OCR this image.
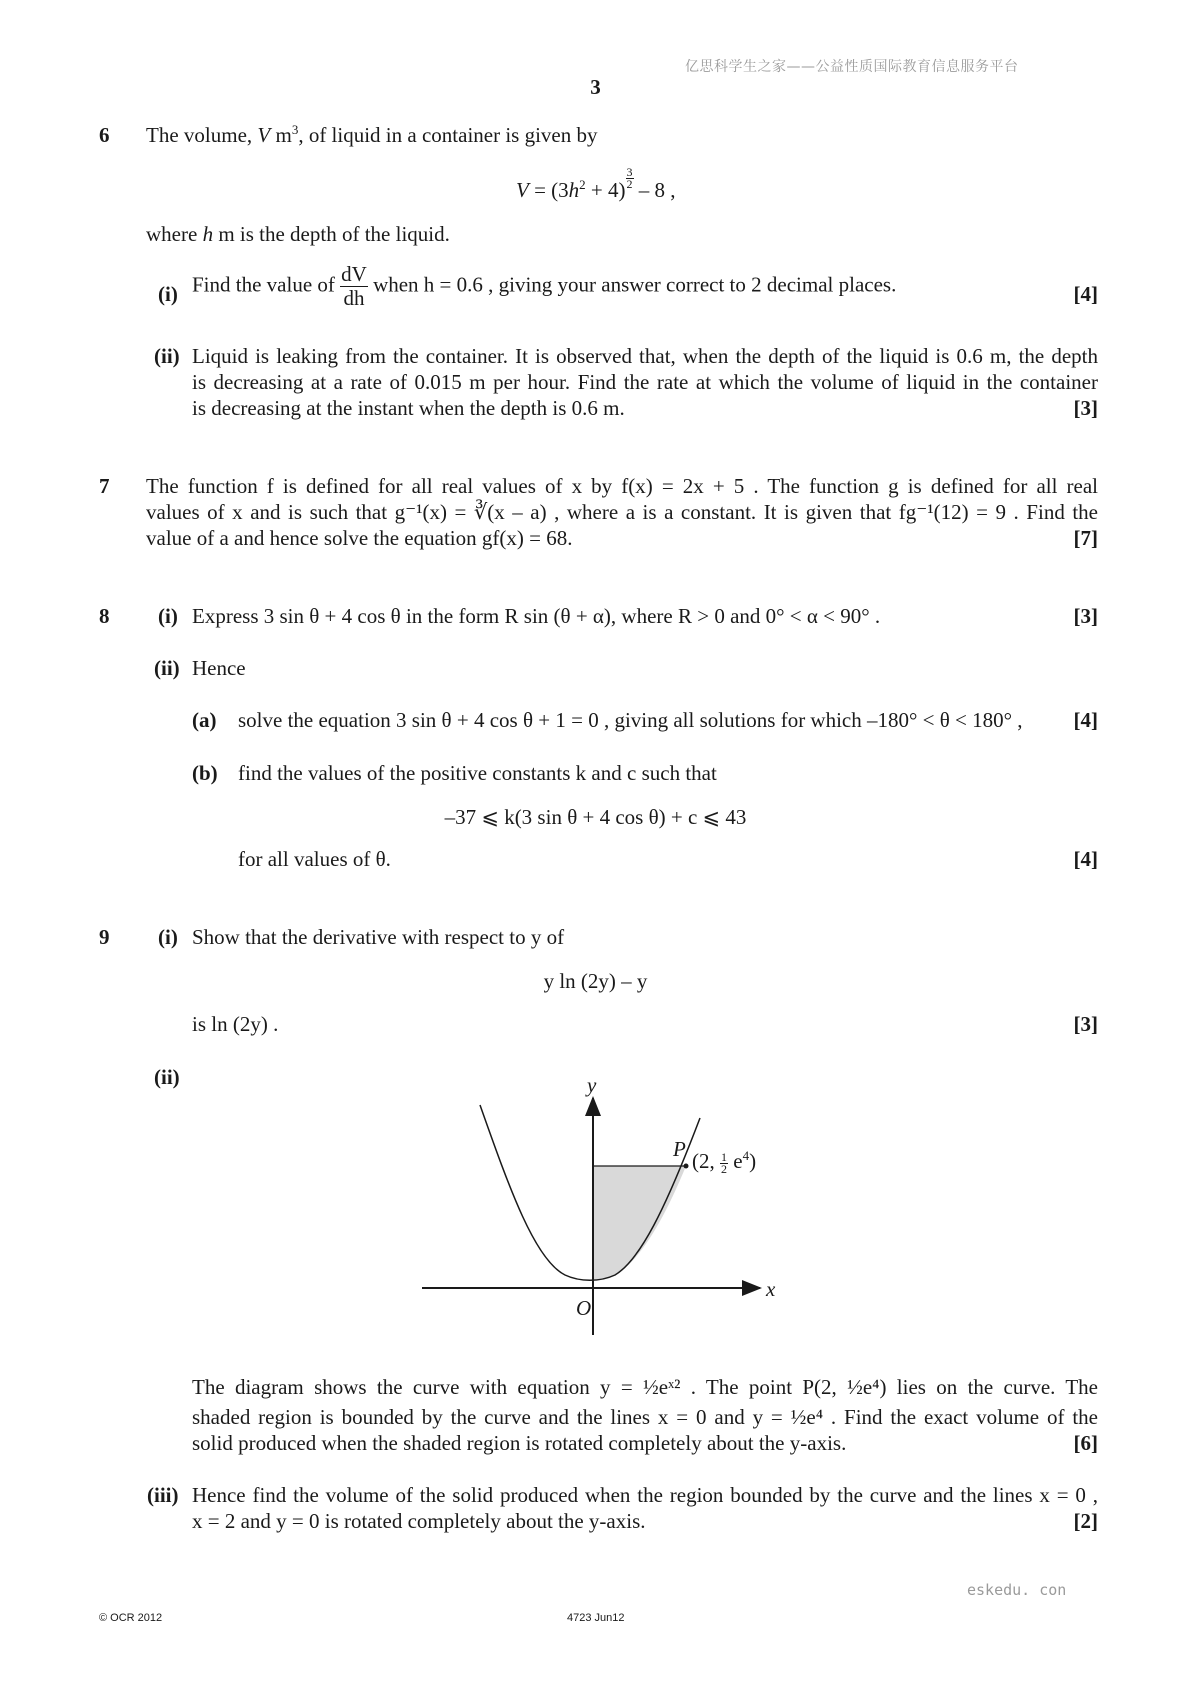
亿思科学生之家——公益性质国际教育信息服务平台
3
6 The volume, V $m^3$, of liquid in a container is given by
$V = (3h^2 + 4) \frac{3}{2} - 8$ ,
where h m is the depth of the liquid.
(i) Find the value of $\frac{dV}{dh}$ when h = 0.6 , giving your answer correct to 2 decimal places.	[4]
(ii) Liquid is leaking from the container. It is observed that, when the depth of the liquid is 0.6 m, the depth
is decreasing at a rate of 0.015 m per hour. Find the rate at which the volume of liquid in the container
is decreasing at the instant when the depth is 0.6 m.	[3]
7 The function f is defined for all real values of x by f(x) = 2x + 5 . The function g is defined for all real
values of x and is such that g⁻¹(x) = ∛(x – a) , where a is a constant. It is given that fg⁻¹(12) = 9 . Find the
value of a and hence solve the equation gf(x) = 68.	[7]
8 (i) Express 3 sin θ + 4 cos θ in the form R sin (θ + α), where R > 0 and 0° < α < 90° .	[3]
(ii) Hence
(a) solve the equation 3 sin θ + 4 cos θ + 1 = 0 , giving all solutions for which –180° < θ < 180° , [4]
(b) find the values of the positive constants k and c such that
–37 ⩽ k(3 sin θ + 4 cos θ) + c ⩽ 43
for all values of θ.	[4]
9 (i) Show that the derivative with respect to y of
y ln (2y) – y
is ln (2y) .	[3]
(ii)	y
x
O
P (2, $\frac{1}{2} e^4$)
The diagram shows the curve with equation y = ½eˣ² . The point P(2, ½e⁴) lies on the curve. The
shaded region is bounded by the curve and the lines x = 0 and y = ½e⁴ . Find the exact volume of the
solid produced when the shaded region is rotated completely about the y-axis.	[6]
(iii) Hence find the volume of the solid produced when the region bounded by the curve and the lines x = 0 ,
x = 2 and y = 0 is rotated completely about the y-axis.	[2]
eskedu. con
© OCR 2012	4723 Jun12
